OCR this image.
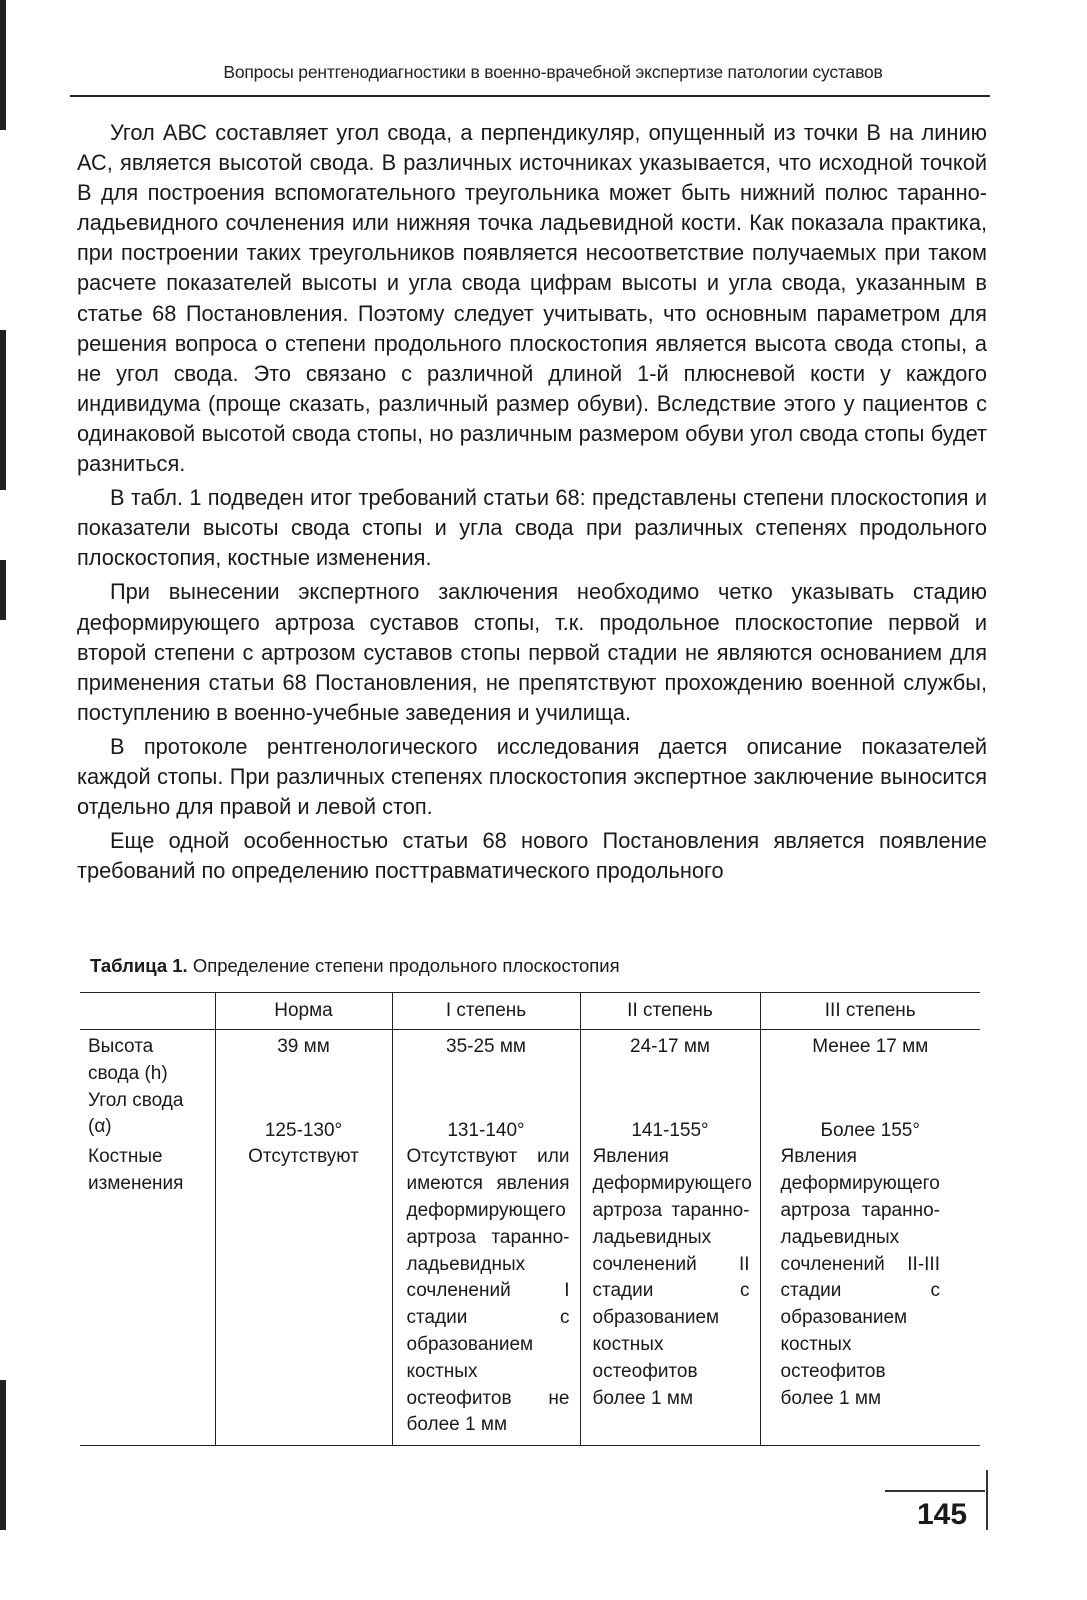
Вопросы рентгенодиагностики в военно-врачебной экспертизе патологии суставов

Угол АВС составляет угол свода, а перпендикуляр, опущенный из точки В на линию АС, является высотой свода. В различных источниках указывается, что исходной точкой В для построения вспомогательного треугольника может быть нижний полюс таранно-ладьевидного сочленения или нижняя точка ладьевидной кости. Как показала практика, при построении таких треугольников появляется несоответствие получаемых при таком расчете показателей высоты и угла свода цифрам высоты и угла свода, указанным в статье 68 Постановления. Поэтому следует учитывать, что основным параметром для решения вопроса о степени продольного плоскостопия является высота свода стопы, а не угол свода. Это связано с различной длиной 1-й плюсневой кости у каждого индивидума (проще сказать, различный размер обуви). Вследствие этого у пациентов с одинаковой высотой свода стопы, но различным размером обуви угол свода стопы будет разниться.

В табл. 1 подведен итог требований статьи 68: представлены степени плоскостопия и показатели высоты свода стопы и угла свода при различных степенях продольного плоскостопия, костные изменения.

При вынесении экспертного заключения необходимо четко указывать стадию деформирующего артроза суставов стопы, т.к. продольное плоскостопие первой и второй степени с артрозом суставов стопы первой стадии не являются основанием для применения статьи 68 Постановления, не препятствуют прохождению военной службы, поступлению в военно-учебные заведения и училища.

В протоколе рентгенологического исследования дается описание показателей каждой стопы. При различных степенях плоскостопия экспертное заключение выносится отдельно для правой и левой стоп.

Еще одной особенностью статьи 68 нового Постановления является появление требований по определению посттравматического продольного

Таблица 1. Определение степени продольного плоскостопия
	Норма	I степень	II степень	III степень
Высота свода (h)	39 мм	35-25 мм	24-17 мм	Менее 17 мм
Угол свода (α)	125-130°	131-140°	141-155°	Более 155°
Костные изменения	Отсутствуют	Отсутствуют или имеются явления деформирующего артроза таранно-ладьевидных сочленений I стадии с образованием костных остеофитов не более 1 мм	Явления деформирующего артроза таранно-ладьевидных сочленений II стадии с образованием костных остеофитов более 1 мм	Явления деформирующего артроза таранно-ладьевидных сочленений II-III стадии с образованием костных остеофитов более 1 мм
145
